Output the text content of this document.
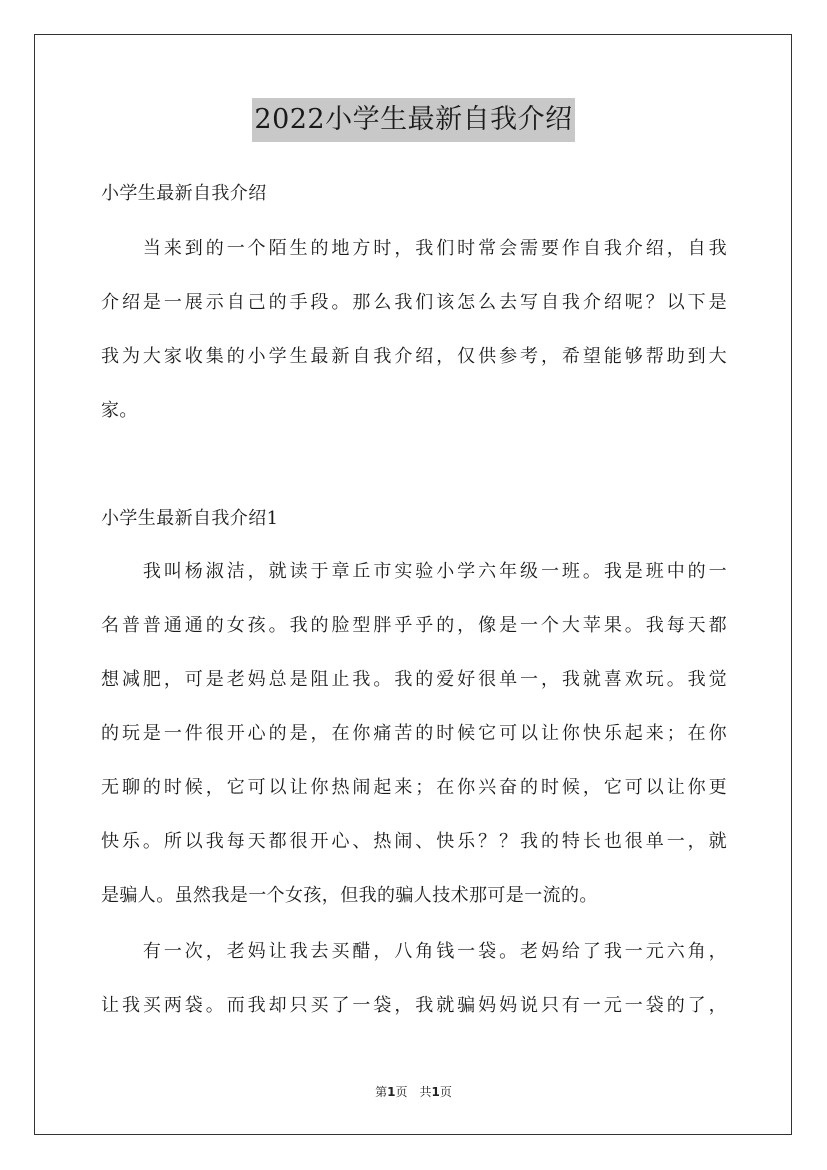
2022小学生最新自我介绍
小学生最新自我介绍
　　当来到的一个陌生的地方时，我们时常会需要作自我介绍，自我
介绍是一展示自己的手段。那么我们该怎么去写自我介绍呢？以下是
我为大家收集的小学生最新自我介绍，仅供参考，希望能够帮助到大
家。
小学生最新自我介绍1
　　我叫杨淑洁，就读于章丘市实验小学六年级一班。我是班中的一
名普普通通的女孩。我的脸型胖乎乎的，像是一个大苹果。我每天都
想减肥，可是老妈总是阻止我。我的爱好很单一，我就喜欢玩。我觉
的玩是一件很开心的是，在你痛苦的时候它可以让你快乐起来；在你
无聊的时候，它可以让你热闹起来；在你兴奋的时候，它可以让你更
快乐。所以我每天都很开心、热闹、快乐？？我的特长也很单一，就
是骗人。虽然我是一个女孩，但我的骗人技术那可是一流的。
　　有一次，老妈让我去买醋，八角钱一袋。老妈给了我一元六角，
让我买两袋。而我却只买了一袋，我就骗妈妈说只有一元一袋的了，
第1页　共1页
